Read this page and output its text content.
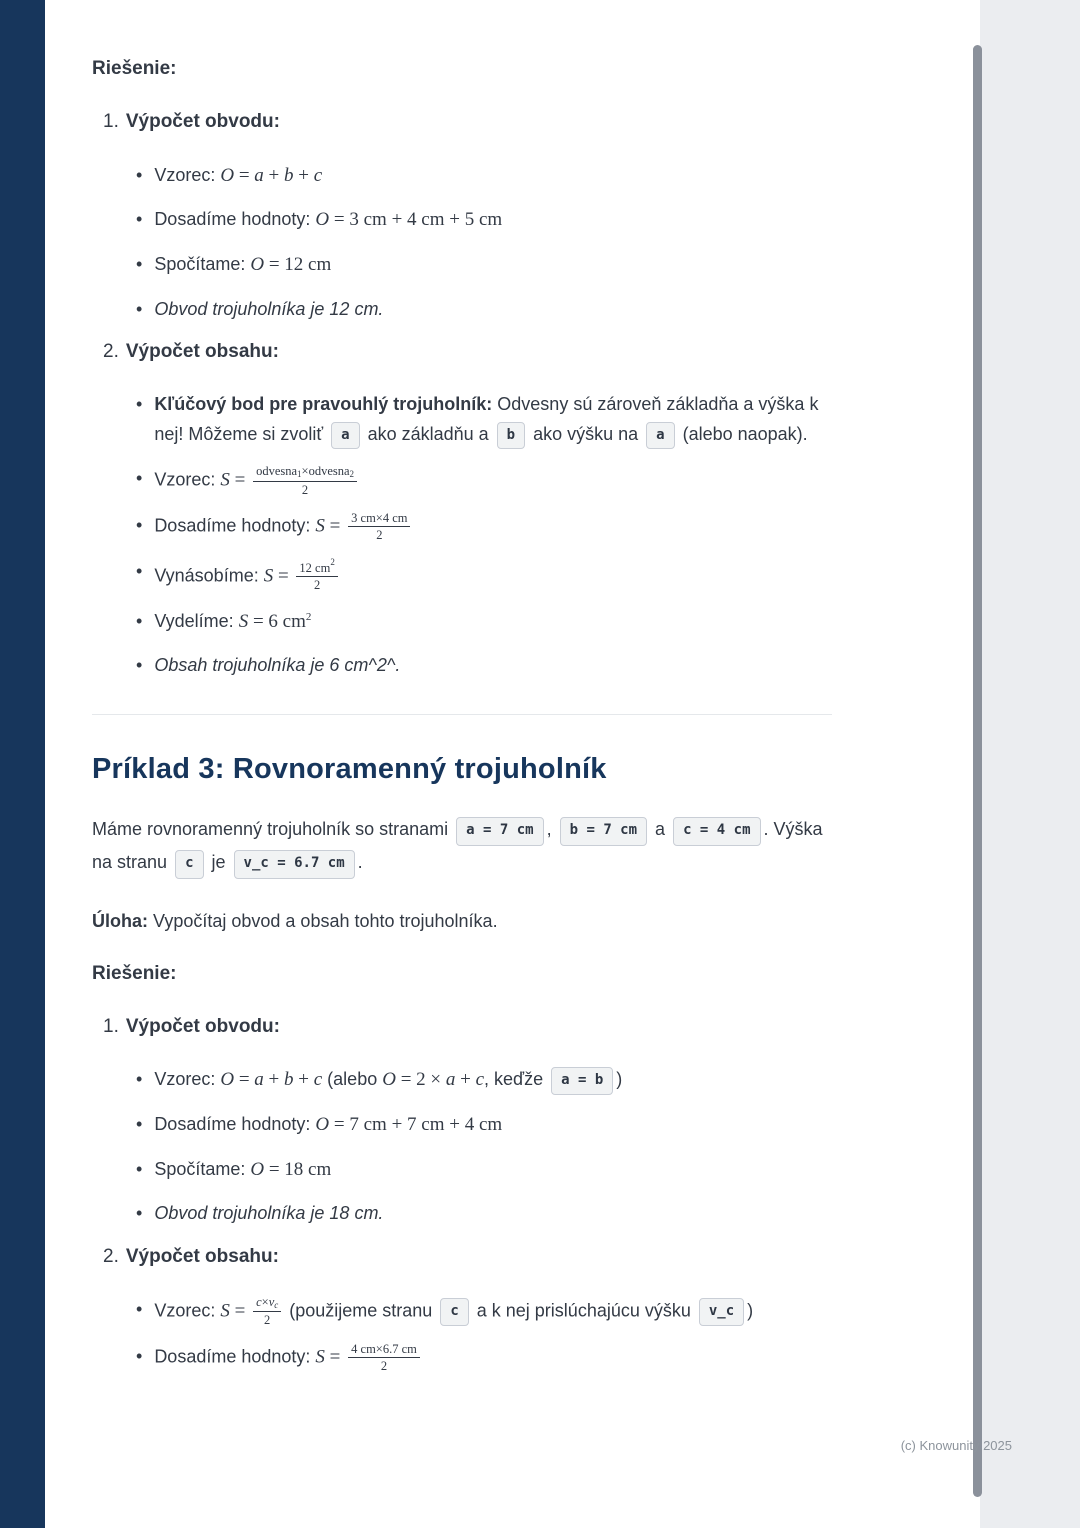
Riešenie:

1. Výpočet obvodu:
• Vzorec: O = a + b + c
• Dosadíme hodnoty: O = 3 cm + 4 cm + 5 cm
• Spočítame: O = 12 cm
• Obvod trojuholníka je 12 cm.
2. Výpočet obsahu:
• Kľúčový bod pre pravouhlý trojuholník: Odvesny sú zároveň základňa a výška k nej! Môžeme si zvoliť a ako základňu a b ako výšku na a (alebo naopak).
• Vzorec: $S = \frac{\text{odvesna1×odvesna2}}{2}$
• Dosadíme hodnoty: $S = \frac{3 cm\times 4 cm}{2}$
• Vynásobíme: $S = \frac{12 cm^2}{2}$
• Vydelíme: S = 6 $cm^2$
• Obsah trojuholníka je 6 cm^2^.
Príklad 3: Rovnoramenný trojuholník

Máme rovnoramenný trojuholník so stranami a = 7 cm , b = 7 cm a c = 4 cm . Výška na stranu c je v_c = 6.7 cm .

Úloha: Vypočítaj obvod a obsah tohto trojuholníka.

Riešenie:

1. Výpočet obvodu:
• Vzorec: O = a + b + c (alebo O = 2 × a + c, keďže a = b )
• Dosadíme hodnoty: O = 7 cm + 7 cm + 4 cm
• Spočítame: O = 18 cm
• Obvod trojuholníka je 18 cm.
2. Výpočet obsahu:
• Vzorec: $S = \frac{c\times vc}{2}$ (použijeme stranu c a k nej prislúchajúcu výšku v_c )
• Dosadíme hodnoty: $S = \frac{4 cm\times 6.7 cm}{2}$
(c) Knowunity 2025
